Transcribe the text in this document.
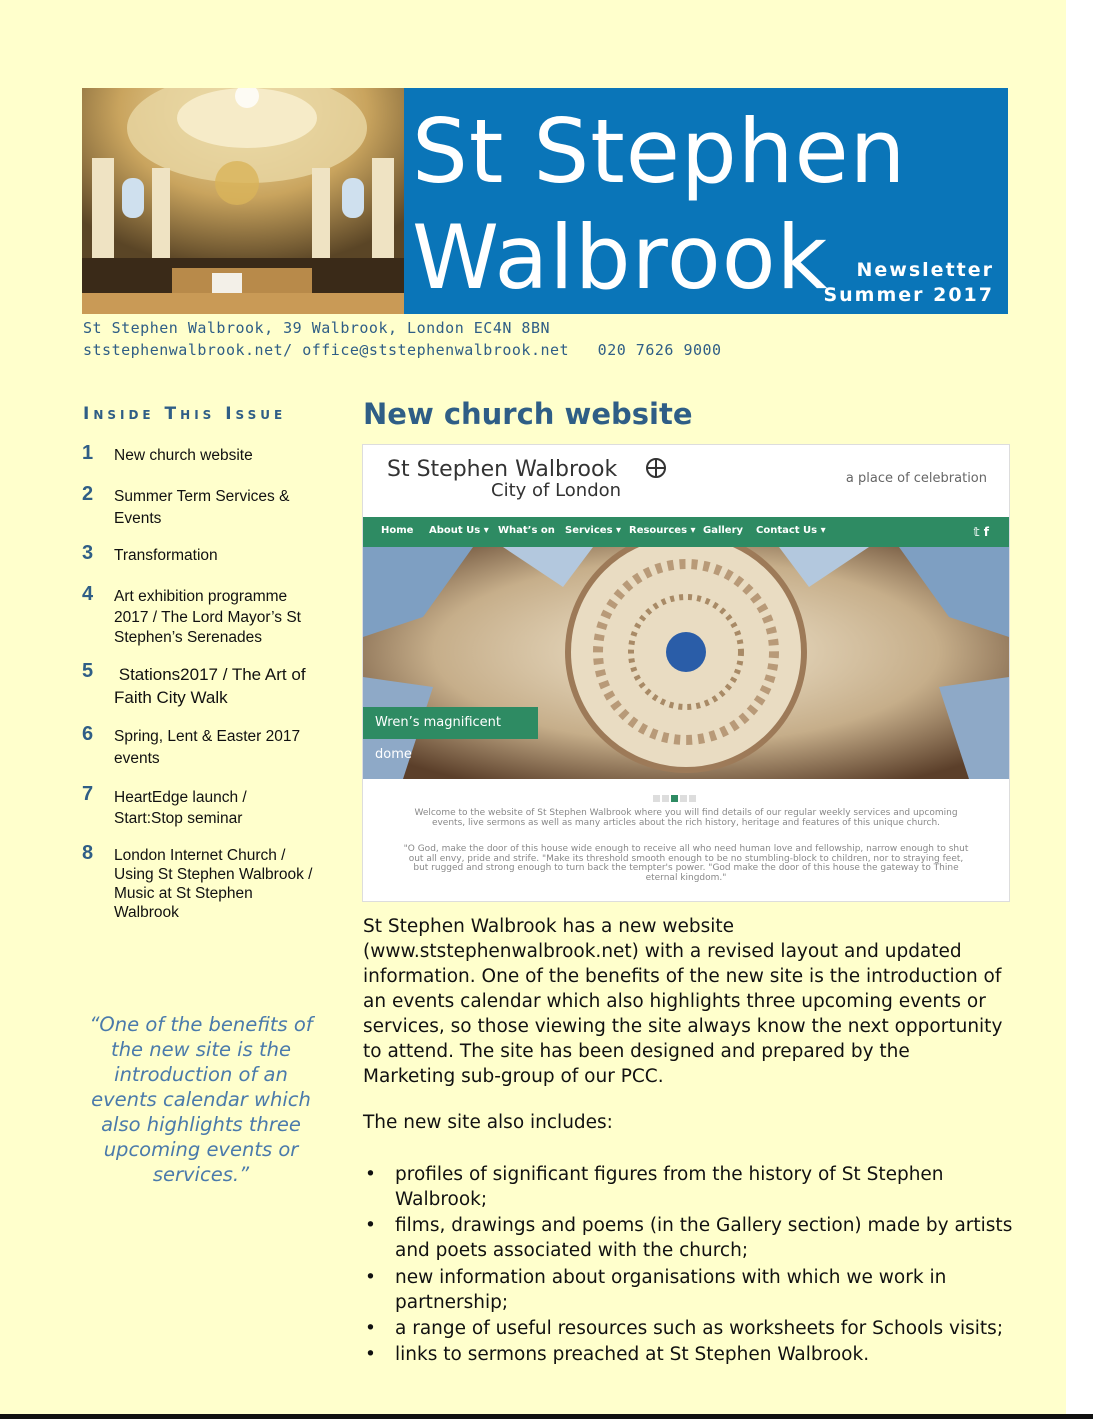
St Stephen
Walbrook	Newsletter
Summer 2017
St Stephen Walbrook, 39 Walbrook, London EC4N 8BN
ststephenwalbrook.net/ office@ststephenwalbrook.net   020 7626 9000
Inside This Issue
1 New church website
2 Summer Term Services & Events
3 Transformation
4 Art exhibition programme 2017 / The Lord Mayor’s St Stephen’s Serenades
5 Stations2017 / The Art of Faith City Walk
6 Spring, Lent & Easter 2017 events
7 HeartEdge launch / Start:Stop seminar
8 London Internet Church / Using St Stephen Walbrook / Music at St Stephen Walbrook
“One of the benefits of the new site is the introduction of an events calendar which also highlights three upcoming events or services.”
New church website
St Stephen Walbrook
City of London
a place of celebration
Home About Us ▾ What’s on Services ▾ Resources ▾ Gallery Contact Us ▾	𝕥 f
Wren’s magnificent dome
Welcome to the website of St Stephen Walbrook where you will find details of our regular weekly services and upcoming events, live sermons as well as many articles about the rich history, heritage and features of this unique church.
"O God, make the door of this house wide enough to receive all who need human love and fellowship, narrow enough to shut out all envy, pride and strife. "Make its threshold smooth enough to be no stumbling-block to children, nor to straying feet, but rugged and strong enough to turn back the tempter's power. "God make the door of this house the gateway to Thine eternal kingdom."
St Stephen Walbrook has a new website (www.ststephenwalbrook.net) with a revised layout and updated information. One of the benefits of the new site is the introduction of an events calendar which also highlights three upcoming events or services, so those viewing the site always know the next opportunity to attend. The site has been designed and prepared by the Marketing sub-group of our PCC.
The new site also includes:
• profiles of significant figures from the history of St Stephen Walbrook;
• films, drawings and poems (in the Gallery section) made by artists and poets associated with the church;
• new information about organisations with which we work in partnership;
• a range of useful resources such as worksheets for Schools visits;
• links to sermons preached at St Stephen Walbrook.
